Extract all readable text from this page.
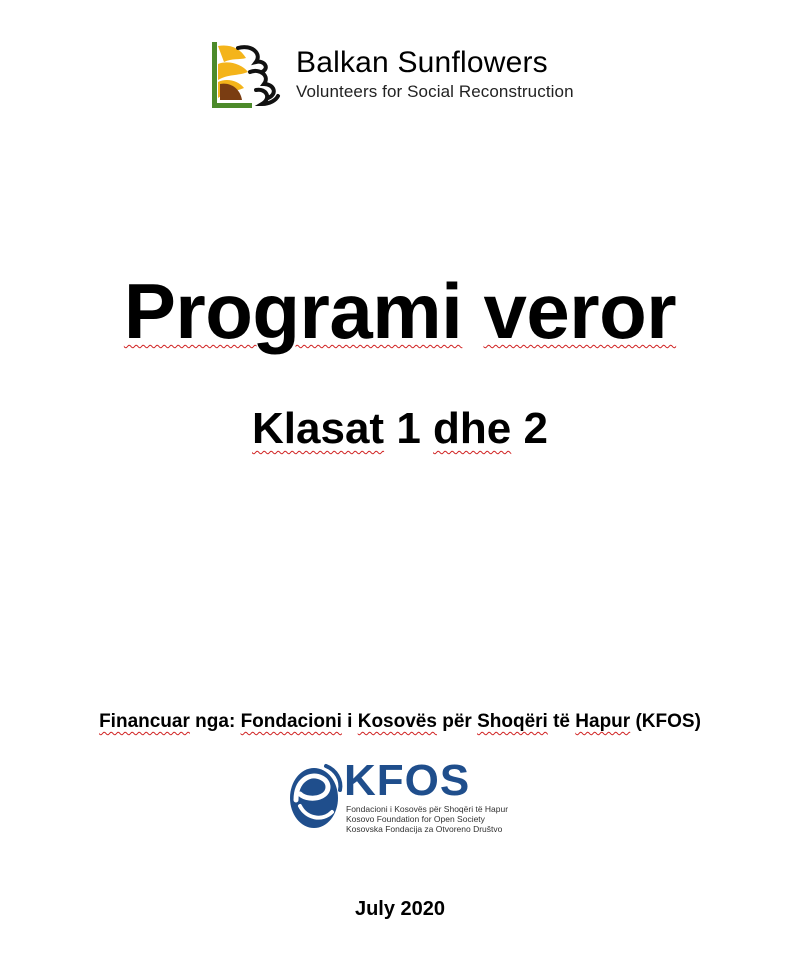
Balkan Sunflowers
Volunteers for Social Reconstruction
Programi veror
Klasat 1 dhe 2
Financuar nga: Fondacioni i Kosovës për Shoqëri të Hapur (KFOS)
KFOS
Fondacioni i Kosovës për Shoqëri të Hapur
Kosovo Foundation for Open Society
Kosovska Fondacija za Otvoreno Društvo
July 2020
